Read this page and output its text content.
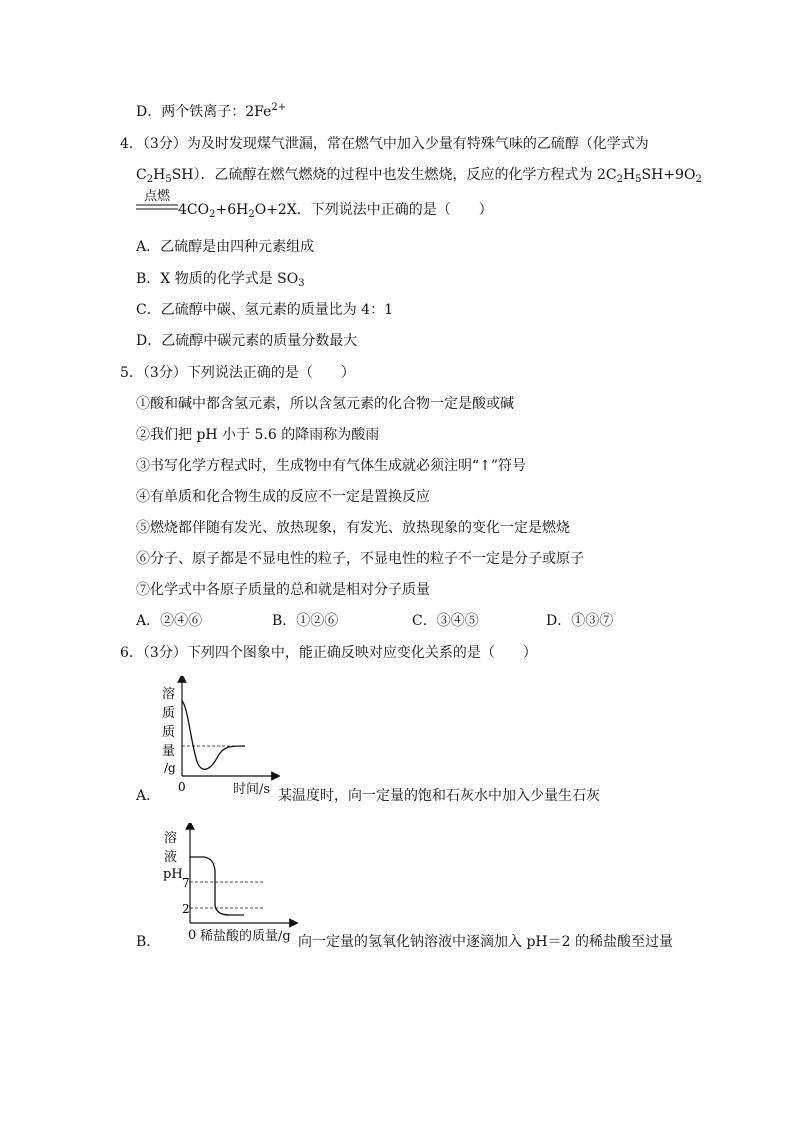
D．两个铁离子：$2Fe^{2+}$
4．（3分）为及时发现煤气泄漏，常在燃气中加入少量有特殊气味的乙硫醇（化学式为
$C_2H_5SH$）．乙硫醇在燃气燃烧的过程中也发生燃烧，反应的化学方程式为 $2C_2H_5SH+9O_2$
点燃
$4CO_2+6H_2O+2X$．下列说法中正确的是（　　）
A．乙硫醇是由四种元素组成
B．X 物质的化学式是 $SO_3$
C．乙硫醇中碳、氢元素的质量比为 4：1
D．乙硫醇中碳元素的质量分数最大
5．（3分）下列说法正确的是（　　）
①酸和碱中都含氢元素，所以含氢元素的化合物一定是酸或碱
②我们把 pH 小于 5.6 的降雨称为酸雨
③书写化学方程式时，生成物中有气体生成就必须注明“↑”符号
④有单质和化合物生成的反应不一定是置换反应
⑤燃烧都伴随有发光、放热现象，有发光、放热现象的变化一定是燃烧
⑥分子、原子都是不显电性的粒子，不显电性的粒子不一定是分子或原子
⑦化学式中各原子质量的总和就是相对分子质量
A．②④⑥	B．①②⑥	C．③④⑤	D．①③⑦
6．（3分）下列四个图象中，能正确反映对应变化关系的是（　　）
溶
质
质
量
/g
0
A．	时间/s 某温度时，向一定量的饱和石灰水中加入少量生石灰
溶
液
pH
7
2
B． 0 稀盐酸的质量/g 向一定量的氢氧化钠溶液中逐滴加入 pH＝2 的稀盐酸至过量
